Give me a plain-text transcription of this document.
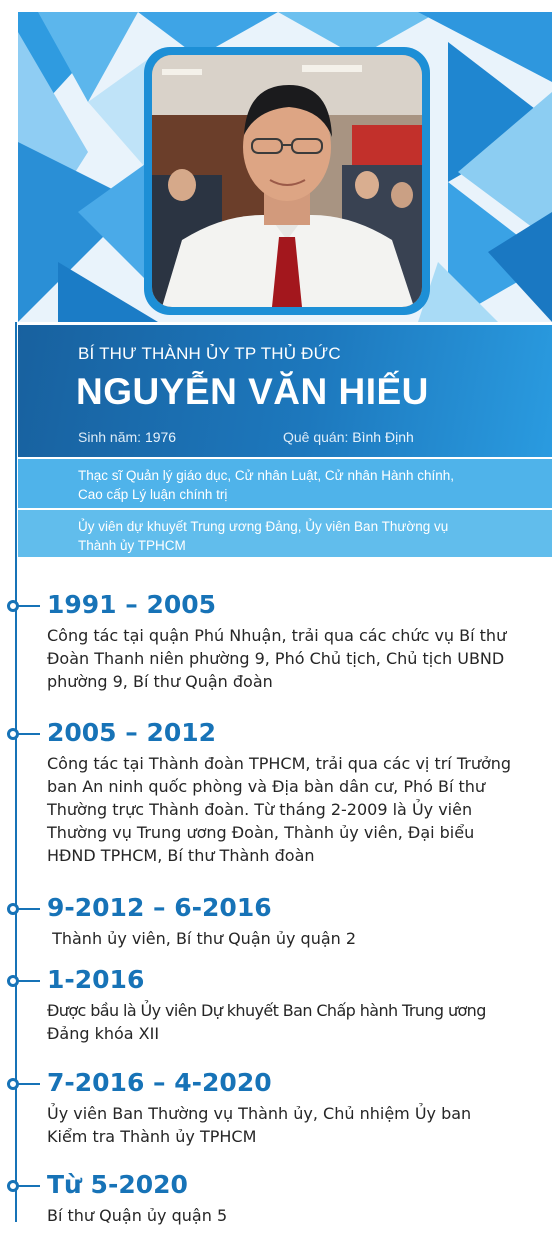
BÍ THƯ THÀNH ỦY TP THỦ ĐỨC
NGUYỄN VĂN HIẾU
Sinh năm: 1976	Quê quán: Bình Định
Thạc sĩ Quản lý giáo dục, Cử nhân Luật, Cử nhân Hành chính,
Cao cấp Lý luận chính trị
Ủy viên dự khuyết Trung ương Đảng, Ủy viên Ban Thường vụ
Thành ủy TPHCM
1991 – 2005
Công tác tại quận Phú Nhuận, trải qua các chức vụ Bí thư
Đoàn Thanh niên phường 9, Phó Chủ tịch, Chủ tịch UBND
phường 9, Bí thư Quận đoàn
2005 – 2012
Công tác tại Thành đoàn TPHCM, trải qua các vị trí Trưởng
ban An ninh quốc phòng và Địa bàn dân cư, Phó Bí thư
Thường trực Thành đoàn. Từ tháng 2-2009 là Ủy viên
Thường vụ Trung ương Đoàn, Thành ủy viên, Đại biểu
HĐND TPHCM, Bí thư Thành đoàn
9-2012 – 6-2016
Thành ủy viên, Bí thư Quận ủy quận 2
1-2016
Được bầu là Ủy viên Dự khuyết Ban Chấp hành Trung ương
Đảng khóa XII
7-2016 – 4-2020
Ủy viên Ban Thường vụ Thành ủy, Chủ nhiệm Ủy ban
Kiểm tra Thành ủy TPHCM
Từ 5-2020
Bí thư Quận ủy quận 5
